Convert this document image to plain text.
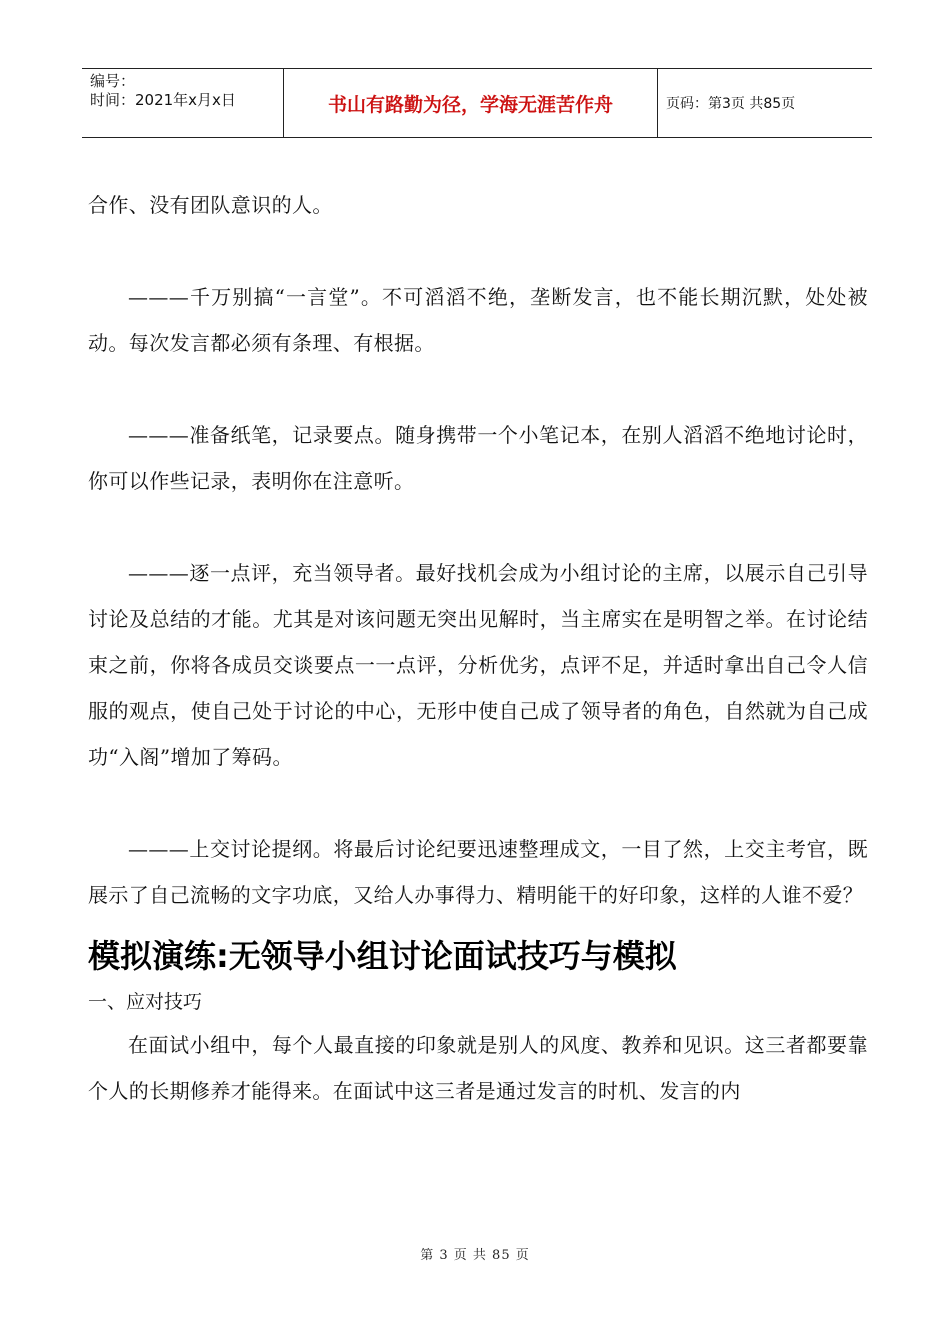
编号：
时间：2021年x月x日	书山有路勤为径，学海无涯苦作舟	页码：第3页 共85页

合作、没有团队意识的人。

———千万别搞“一言堂”。不可滔滔不绝，垄断发言，也不能长期沉默，处处被动。每次发言都必须有条理、有根据。

———准备纸笔，记录要点。随身携带一个小笔记本，在别人滔滔不绝地讨论时，你可以作些记录，表明你在注意听。

———逐一点评，充当领导者。最好找机会成为小组讨论的主席，以展示自己引导讨论及总结的才能。尤其是对该问题无突出见解时，当主席实在是明智之举。在讨论结束之前，你将各成员交谈要点一一点评，分析优劣，点评不足，并适时拿出自己令人信服的观点，使自己处于讨论的中心，无形中使自己成了领导者的角色，自然就为自己成功“入阁”增加了筹码。

———上交讨论提纲。将最后讨论纪要迅速整理成文，一目了然，上交主考官，既展示了自己流畅的文字功底，又给人办事得力、精明能干的好印象，这样的人谁不爱？

模拟演练:无领导小组讨论面试技巧与模拟

一、应对技巧

在面试小组中，每个人最直接的印象就是别人的风度、教养和见识。这三者都要靠个人的长期修养才能得来。在面试中这三者是通过发言的时机、发言的内

第 3 页 共 85 页
